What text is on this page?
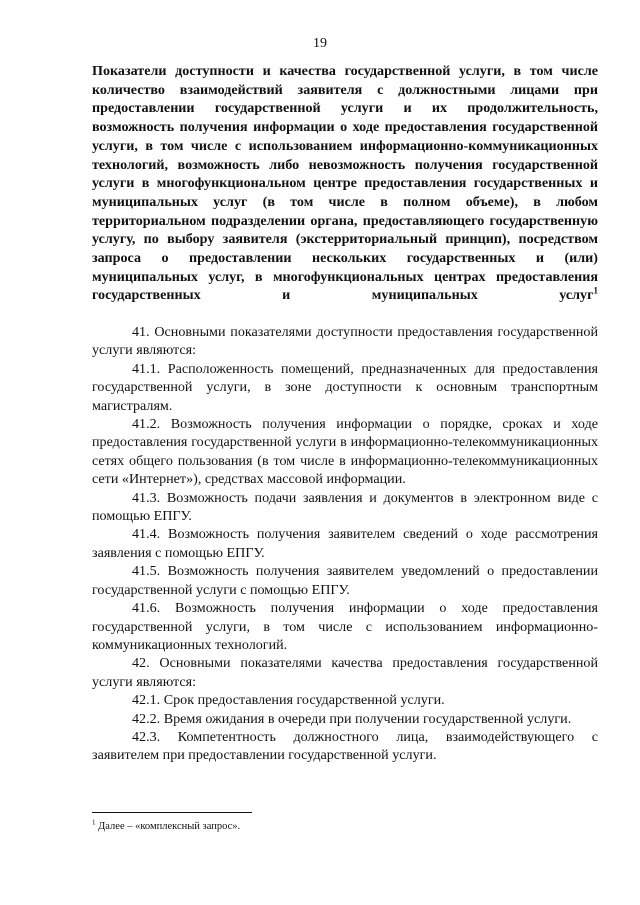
19

Показатели доступности и качества государственной услуги, в том числе количество взаимодействий заявителя с должностными лицами при предоставлении государственной услуги и их продолжительность, возможность получения информации о ходе предоставления государственной услуги, в том числе с использованием информационно-коммуникационных технологий, возможность либо невозможность получения государственной услуги в многофункциональном центре предоставления государственных и муниципальных услуг (в том числе в полном объеме), в любом территориальном подразделении органа, предоставляющего государственную услугу, по выбору заявителя (экстерриториальный принцип), посредством запроса о предоставлении нескольких государственных и (или) муниципальных услуг, в многофункциональных центрах предоставления государственных и муниципальных услуг$^1$

41. Основными показателями доступности предоставления государственной услуги являются:

41.1. Расположенность помещений, предназначенных для предоставления государственной услуги, в зоне доступности к основным транспортным магистралям.

41.2. Возможность получения информации о порядке, сроках и ходе предоставления государственной услуги в информационно-телекоммуникационных сетях общего пользования (в том числе в информационно-телекоммуникационных сети «Интернет»), средствах массовой информации.

41.3. Возможность подачи заявления и документов в электронном виде с помощью ЕПГУ.

41.4. Возможность получения заявителем сведений о ходе рассмотрения заявления с помощью ЕПГУ.

41.5. Возможность получения заявителем уведомлений о предоставлении государственной услуги с помощью ЕПГУ.

41.6. Возможность получения информации о ходе предоставления государственной услуги, в том числе с использованием информационно-коммуникационных технологий.

42. Основными показателями качества предоставления государственной услуги являются:

42.1. Срок предоставления государственной услуги.

42.2. Время ожидания в очереди при получении государственной услуги.

42.3. Компетентность должностного лица, взаимодействующего с заявителем при предоставлении государственной услуги.

$^1$ Далее – «комплексный запрос».
